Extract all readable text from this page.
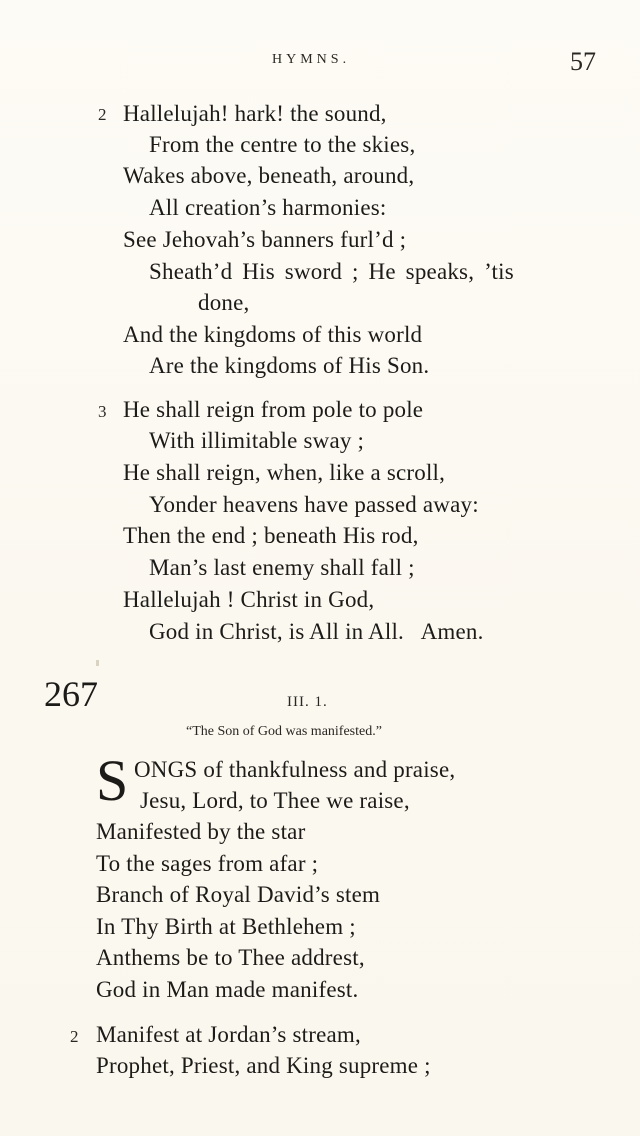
HYMNS.	57
2 Hallelujah! hark! the sound,
From the centre to the skies,
Wakes above, beneath, around,
All creation’s harmonies:
See Jehovah’s banners furl’d ;
Sheath’d His sword ; He speaks, ’tis
done,
And the kingdoms of this world
Are the kingdoms of His Son.
3 He shall reign from pole to pole
With illimitable sway ;
He shall reign, when, like a scroll,
Yonder heavens have passed away:
Then the end ; beneath His rod,
Man’s last enemy shall fall ;
Hallelujah ! Christ in God,
God in Christ, is All in All.   Amen.
267	III. 1.
“The Son of God was manifested.”
S ONGS of thankfulness and praise,
Jesu, Lord, to Thee we raise,
Manifested by the star
To the sages from afar ;
Branch of Royal David’s stem
In Thy Birth at Bethlehem ;
Anthems be to Thee addrest,
God in Man made manifest.
2 Manifest at Jordan’s stream,
Prophet, Priest, and King supreme ;
